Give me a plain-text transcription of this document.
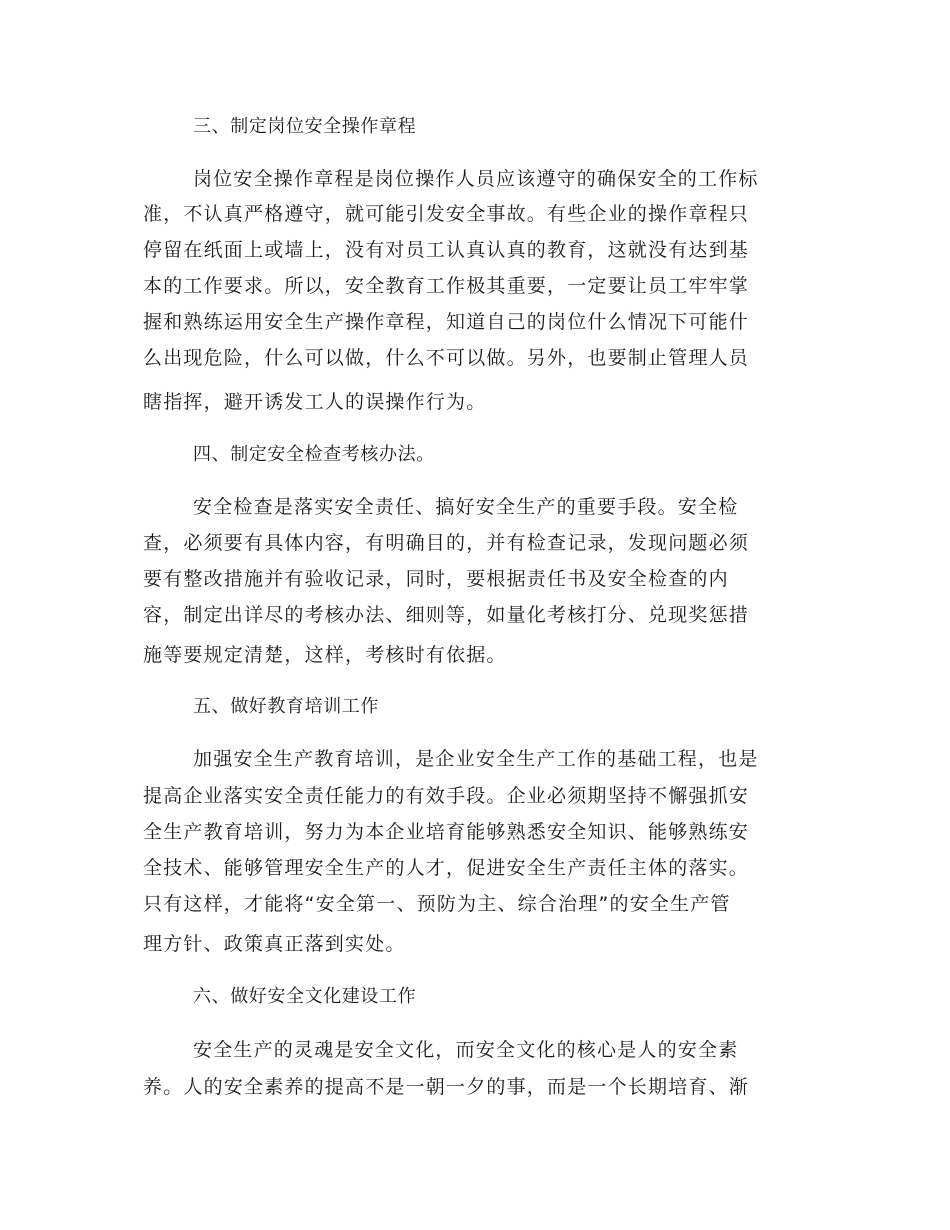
三、制定岗位安全操作章程
岗位安全操作章程是岗位操作人员应该遵守的确保安全的工作标
准，不认真严格遵守，就可能引发安全事故。有些企业的操作章程只
停留在纸面上或墙上，没有对员工认真认真的教育，这就没有达到基
本的工作要求。所以，安全教育工作极其重要，一定要让员工牢牢掌
握和熟练运用安全生产操作章程，知道自己的岗位什么情况下可能什
么出现危险，什么可以做，什么不可以做。另外，也要制止管理人员
瞎指挥，避开诱发工人的误操作行为。
四、制定安全检查考核办法。
安全检查是落实安全责任、搞好安全生产的重要手段。安全检
查，必须要有具体内容，有明确目的，并有检查记录，发现问题必须
要有整改措施并有验收记录，同时，要根据责任书及安全检查的内
容，制定出详尽的考核办法、细则等，如量化考核打分、兑现奖惩措
施等要规定清楚，这样，考核时有依据。
五、做好教育培训工作
加强安全生产教育培训，是企业安全生产工作的基础工程，也是
提高企业落实安全责任能力的有效手段。企业必须期坚持不懈强抓安
全生产教育培训，努力为本企业培育能够熟悉安全知识、能够熟练安
全技术、能够管理安全生产的人才，促进安全生产责任主体的落实。
只有这样，才能将“安全第一、预防为主、综合治理”的安全生产管
理方针、政策真正落到实处。
六、做好安全文化建设工作
安全生产的灵魂是安全文化，而安全文化的核心是人的安全素
养。人的安全素养的提高不是一朝一夕的事，而是一个长期培育、渐
